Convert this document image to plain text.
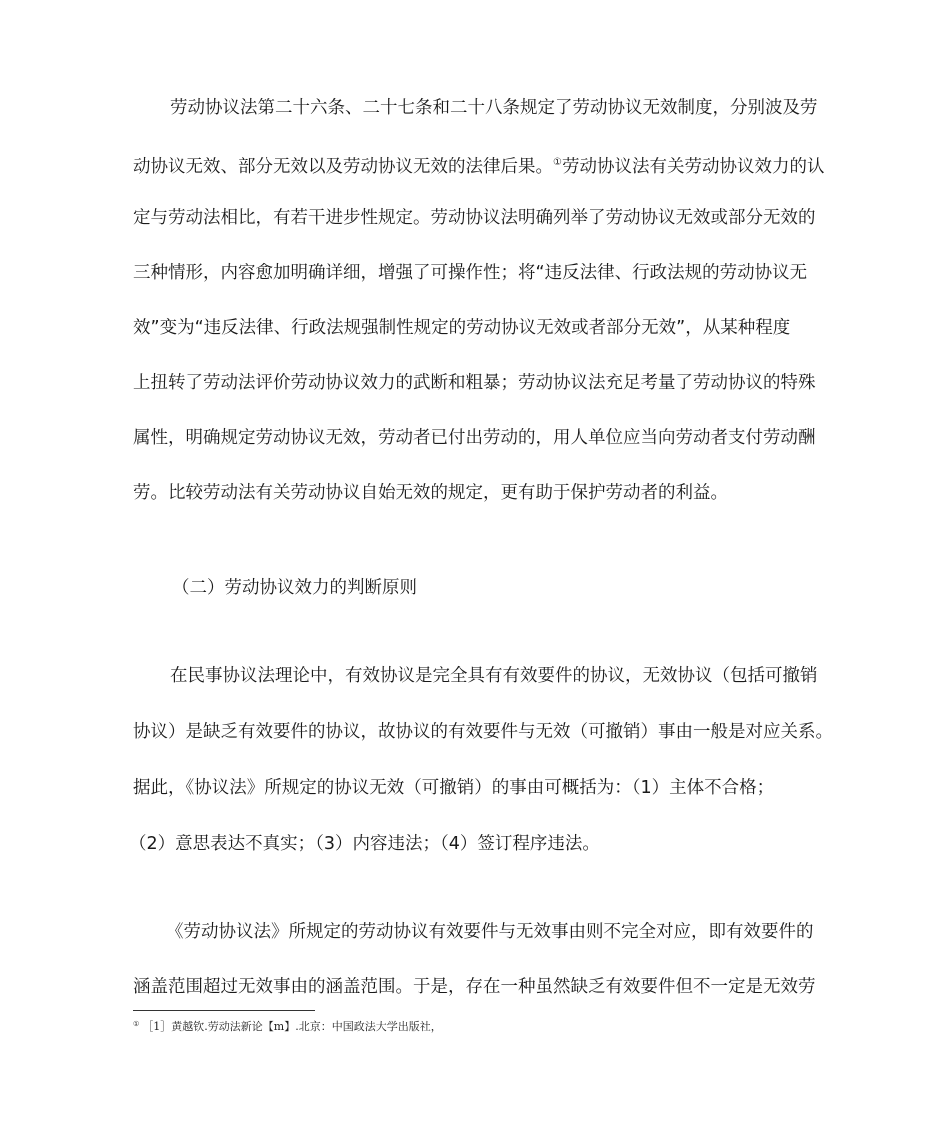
劳动协议法第二十六条、二十七条和二十八条规定了劳动协议无效制度，分别波及劳
动协议无效、部分无效以及劳动协议无效的法律后果。①劳动协议法有关劳动协议效力的认
定与劳动法相比，有若干进步性规定。劳动协议法明确列举了劳动协议无效或部分无效的
三种情形，内容愈加明确详细，增强了可操作性；将“违反法律、行政法规的劳动协议无
效”变为“违反法律、行政法规强制性规定的劳动协议无效或者部分无效”，从某种程度
上扭转了劳动法评价劳动协议效力的武断和粗暴；劳动协议法充足考量了劳动协议的特殊
属性，明确规定劳动协议无效，劳动者已付出劳动的，用人单位应当向劳动者支付劳动酬
劳。比较劳动法有关劳动协议自始无效的规定，更有助于保护劳动者的利益。
（二）劳动协议效力的判断原则
在民事协议法理论中，有效协议是完全具有有效要件的协议，无效协议（包括可撤销
协议）是缺乏有效要件的协议，故协议的有效要件与无效（可撤销）事由一般是对应关系。
据此，《协议法》所规定的协议无效（可撤销）的事由可概括为：（1）主体不合格；
（2）意思表达不真实；（3）内容违法；（4）签订程序违法。
《劳动协议法》所规定的劳动协议有效要件与无效事由则不完全对应，即有效要件的
涵盖范围超过无效事由的涵盖范围。于是，存在一种虽然缺乏有效要件但不一定是无效劳
① ［1］黄越钦.劳动法新论【m】.北京：中国政法大学出版社，
